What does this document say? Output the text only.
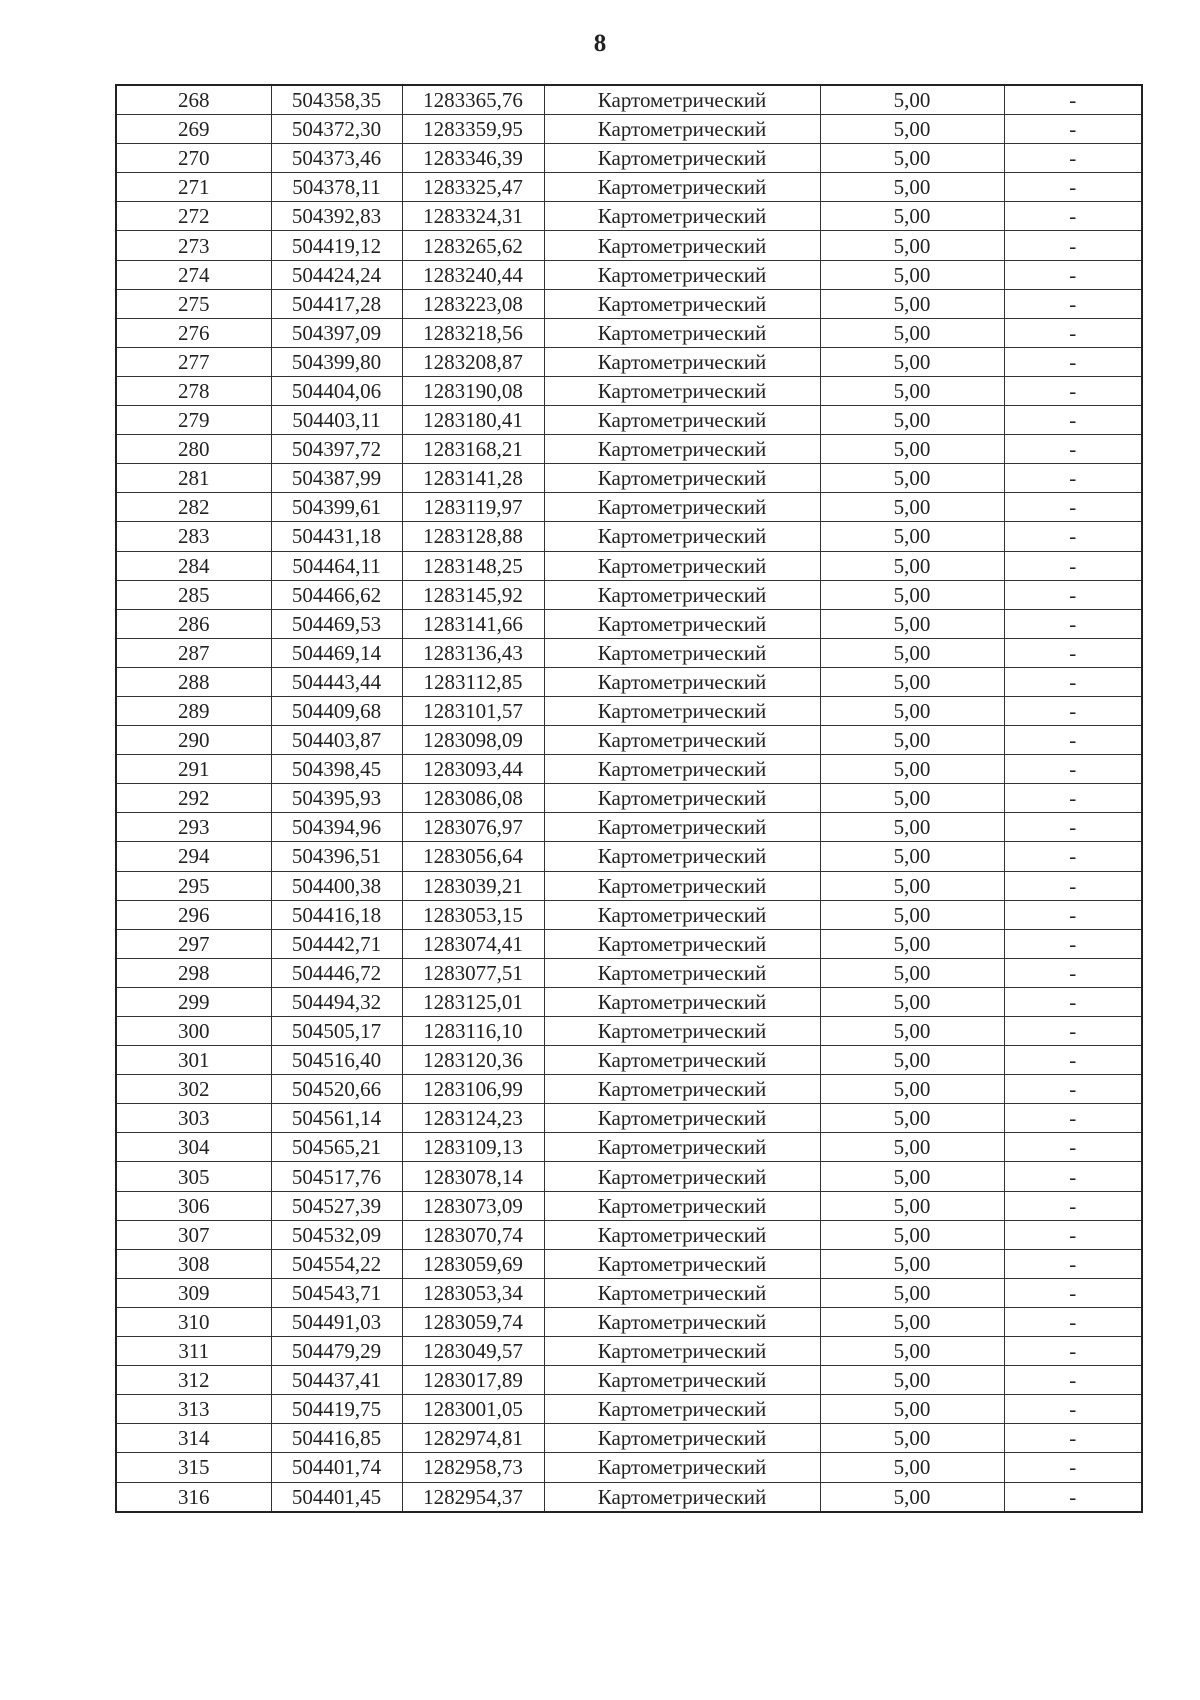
8
268	504358,35	1283365,76	Картометрический	5,00	-
269	504372,30	1283359,95	Картометрический	5,00	-
270	504373,46	1283346,39	Картометрический	5,00	-
271	504378,11	1283325,47	Картометрический	5,00	-
272	504392,83	1283324,31	Картометрический	5,00	-
273	504419,12	1283265,62	Картометрический	5,00	-
274	504424,24	1283240,44	Картометрический	5,00	-
275	504417,28	1283223,08	Картометрический	5,00	-
276	504397,09	1283218,56	Картометрический	5,00	-
277	504399,80	1283208,87	Картометрический	5,00	-
278	504404,06	1283190,08	Картометрический	5,00	-
279	504403,11	1283180,41	Картометрический	5,00	-
280	504397,72	1283168,21	Картометрический	5,00	-
281	504387,99	1283141,28	Картометрический	5,00	-
282	504399,61	1283119,97	Картометрический	5,00	-
283	504431,18	1283128,88	Картометрический	5,00	-
284	504464,11	1283148,25	Картометрический	5,00	-
285	504466,62	1283145,92	Картометрический	5,00	-
286	504469,53	1283141,66	Картометрический	5,00	-
287	504469,14	1283136,43	Картометрический	5,00	-
288	504443,44	1283112,85	Картометрический	5,00	-
289	504409,68	1283101,57	Картометрический	5,00	-
290	504403,87	1283098,09	Картометрический	5,00	-
291	504398,45	1283093,44	Картометрический	5,00	-
292	504395,93	1283086,08	Картометрический	5,00	-
293	504394,96	1283076,97	Картометрический	5,00	-
294	504396,51	1283056,64	Картометрический	5,00	-
295	504400,38	1283039,21	Картометрический	5,00	-
296	504416,18	1283053,15	Картометрический	5,00	-
297	504442,71	1283074,41	Картометрический	5,00	-
298	504446,72	1283077,51	Картометрический	5,00	-
299	504494,32	1283125,01	Картометрический	5,00	-
300	504505,17	1283116,10	Картометрический	5,00	-
301	504516,40	1283120,36	Картометрический	5,00	-
302	504520,66	1283106,99	Картометрический	5,00	-
303	504561,14	1283124,23	Картометрический	5,00	-
304	504565,21	1283109,13	Картометрический	5,00	-
305	504517,76	1283078,14	Картометрический	5,00	-
306	504527,39	1283073,09	Картометрический	5,00	-
307	504532,09	1283070,74	Картометрический	5,00	-
308	504554,22	1283059,69	Картометрический	5,00	-
309	504543,71	1283053,34	Картометрический	5,00	-
310	504491,03	1283059,74	Картометрический	5,00	-
311	504479,29	1283049,57	Картометрический	5,00	-
312	504437,41	1283017,89	Картометрический	5,00	-
313	504419,75	1283001,05	Картометрический	5,00	-
314	504416,85	1282974,81	Картометрический	5,00	-
315	504401,74	1282958,73	Картометрический	5,00	-
316	504401,45	1282954,37	Картометрический	5,00	-
